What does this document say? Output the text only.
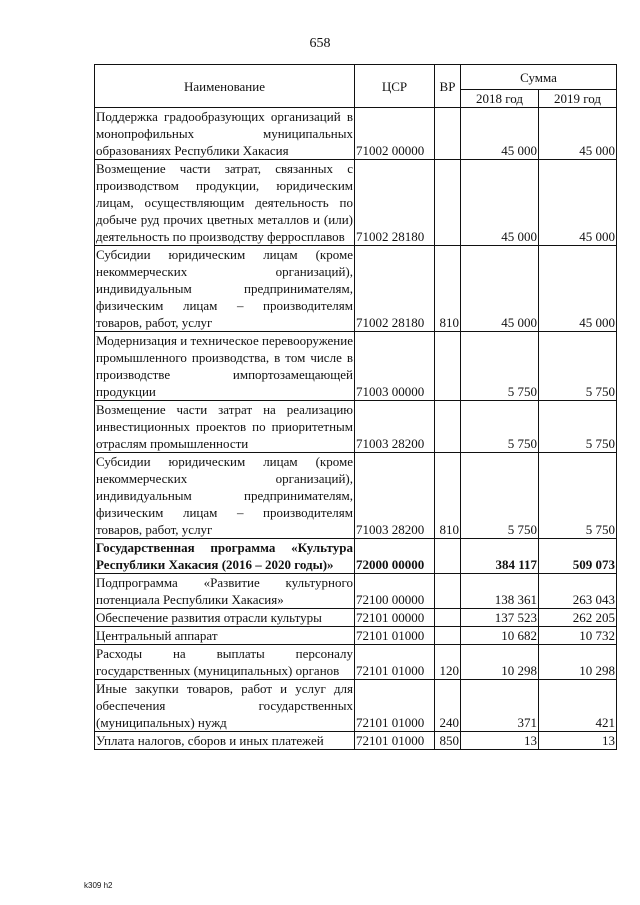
658
Наименование	ЦСР	ВР	Сумма	
			2018 год	2019 год
Поддержка градообразующих организаций в монопрофильных муниципальных образованиях Республики Хакасия	71002 00000		45 000	45 000
Возмещение части затрат, связанных с производством продукции, юридическим лицам, осуществляющим деятельность по добыче руд прочих цветных металлов и (или) деятельность по производству ферросплавов	71002 28180		45 000	45 000
Субсидии юридическим лицам (кроме некоммерческих организаций), индивидуальным предпринимателям, физическим лицам – производителям товаров, работ, услуг	71002 28180	810	45 000	45 000
Модернизация и техническое перевооружение промышленного производства, в том числе в производстве импортозамещающей продукции	71003 00000		5 750	5 750
Возмещение части затрат на реализацию инвестиционных проектов по приоритетным отраслям промышленности	71003 28200		5 750	5 750
Субсидии юридическим лицам (кроме некоммерческих организаций), индивидуальным предпринимателям, физическим лицам – производителям товаров, работ, услуг	71003 28200	810	5 750	5 750
Государственная программа «Культура Республики Хакасия (2016 – 2020 годы)»	72000 00000		384 117	509 073
Подпрограмма «Развитие культурного потенциала Республики Хакасия»	72100 00000		138 361	263 043
Обеспечение развития отрасли культуры	72101 00000		137 523	262 205
Центральный аппарат	72101 01000		10 682	10 732
Расходы на выплаты персоналу государственных (муниципальных) органов	72101 01000	120	10 298	10 298
Иные закупки товаров, работ и услуг для обеспечения государственных (муниципальных) нужд	72101 01000	240	371	421
Уплата налогов, сборов и иных платежей	72101 01000	850	13	13
k309 h2
